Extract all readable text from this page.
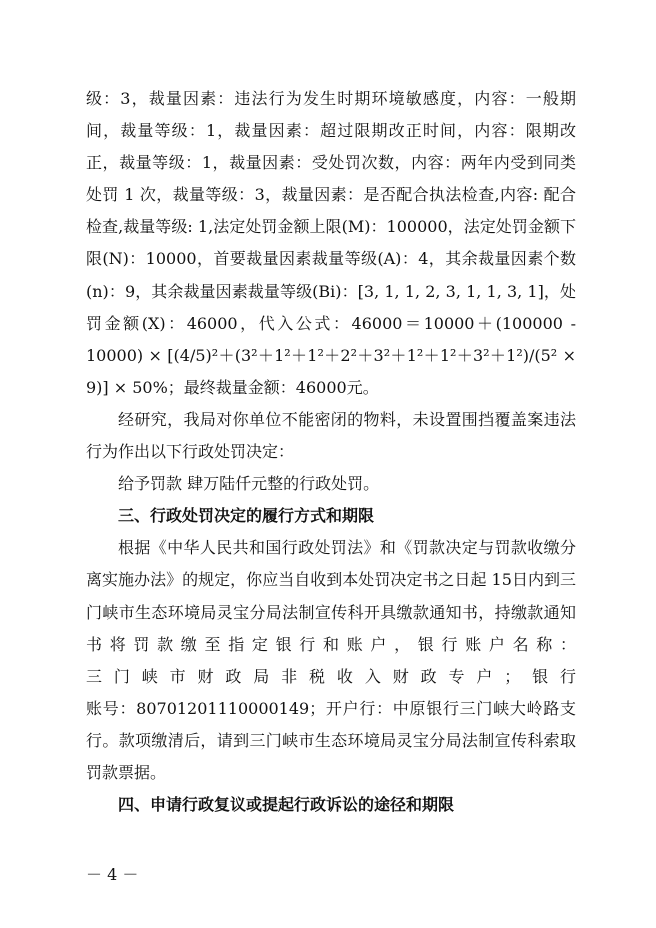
级：3，裁量因素：违法行为发生时期环境敏感度，内容：一般期间，裁量等级：1，裁量因素：超过限期改正时间，内容：限期改正，裁量等级：1，裁量因素：受处罚次数，内容：两年内受到同类处罚 1 次，裁量等级：3，裁量因素：是否配合执法检查,内容: 配合检查,裁量等级: 1,法定处罚金额上限(M)：100000，法定处罚金额下限(N)：10000，首要裁量因素裁量等级(A)：4，其余裁量因素个数(n)：9，其余裁量因素裁量等级(Bi)：[3, 1, 1, 2, 3, 1, 1, 3, 1]，处罚金额(X)：46000，代入公式：46000＝10000＋(100000 - 10000) × [(4/5)²＋(3²＋1²＋1²＋2²＋3²＋1²＋1²＋3²＋1²)/(5² × 9)] × 50%；最终裁量金额：46000元。

经研究，我局对你单位不能密闭的物料，未设置围挡覆盖案违法行为作出以下行政处罚决定：

给予罚款 肆万陆仟元整的行政处罚。

三、行政处罚决定的履行方式和期限

根据《中华人民共和国行政处罚法》和《罚款决定与罚款收缴分离实施办法》的规定，你应当自收到本处罚决定书之日起 15日内到三门峡市生态环境局灵宝分局法制宣传科开具缴款通知书，持缴款通知书将罚款缴至指定银行和账户，银行账户名称：

三门峡市财政局非税收入财政专户；银行

账号：80701201110000149；开户行：中原银行三门峡大岭路支行。款项缴清后，请到三门峡市生态环境局灵宝分局法制宣传科索取罚款票据。

四、申请行政复议或提起行政诉讼的途径和期限

－ 4 －
